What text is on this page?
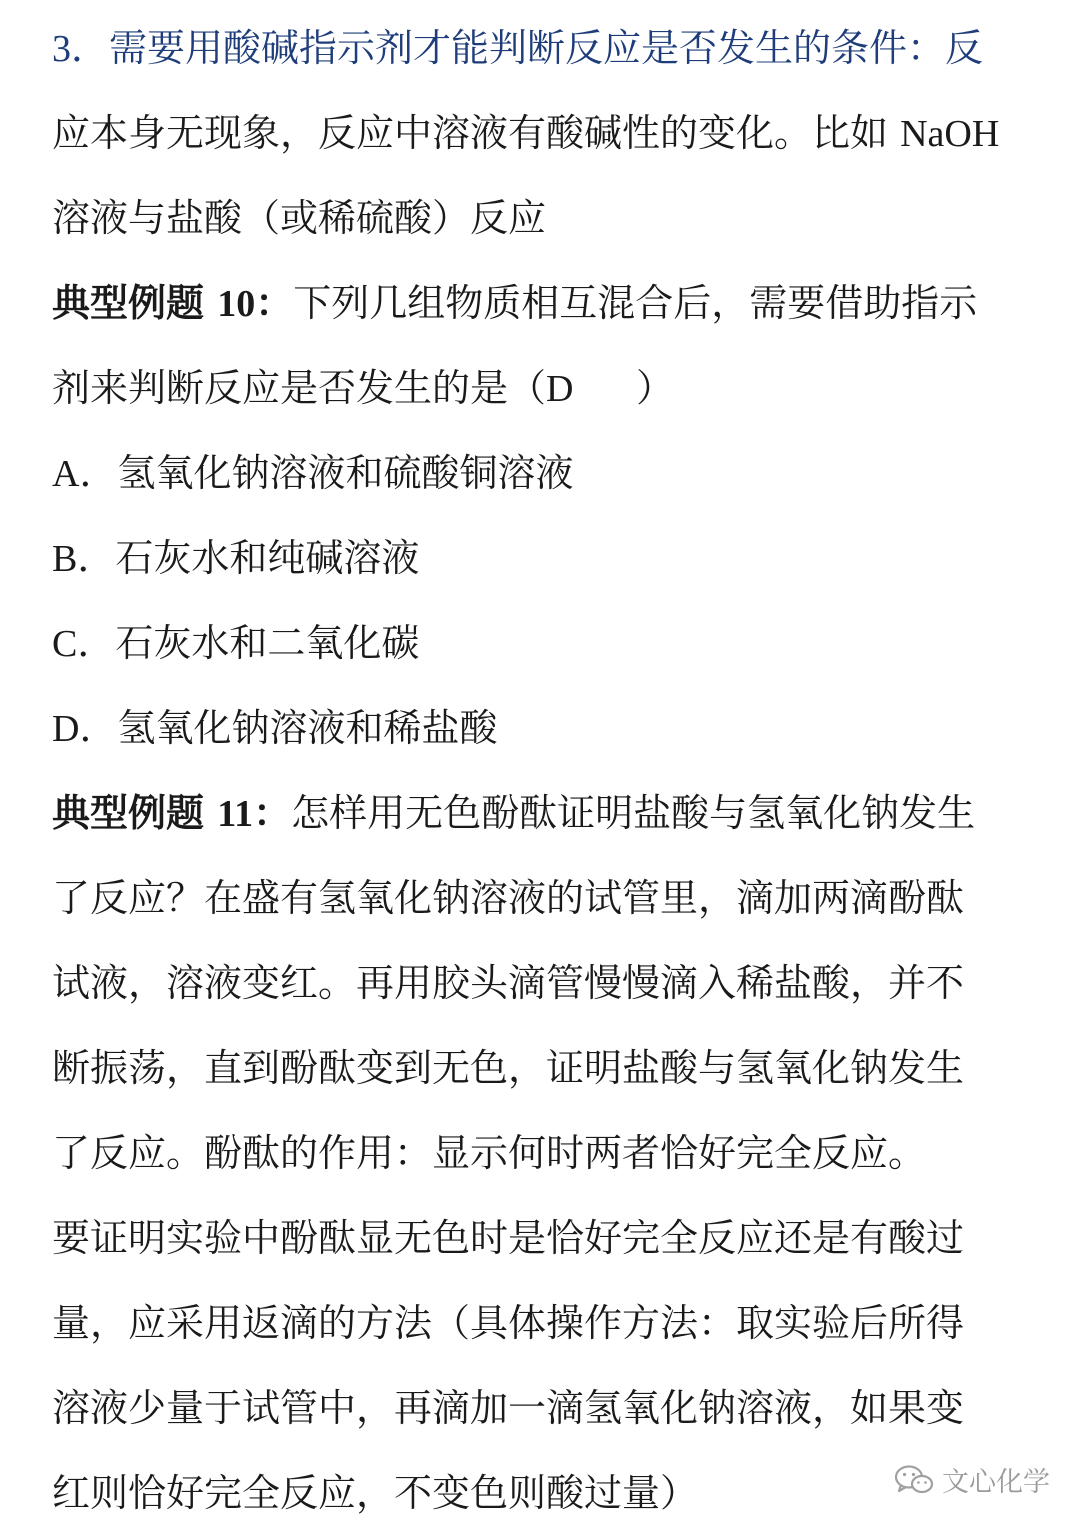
3．需要用酸碱指示剂才能判断反应是否发生的条件：反
应本身无现象，反应中溶液有酸碱性的变化。比如 NaOH
溶液与盐酸（或稀硫酸）反应
典型例题 10：下列几组物质相互混合后，需要借助指示
剂来判断反应是否发生的是（D ）
A．氢氧化钠溶液和硫酸铜溶液
B．石灰水和纯碱溶液
C．石灰水和二氧化碳
D．氢氧化钠溶液和稀盐酸
典型例题 11：怎样用无色酚酞证明盐酸与氢氧化钠发生
了反应？在盛有氢氧化钠溶液的试管里，滴加两滴酚酞
试液，溶液变红。再用胶头滴管慢慢滴入稀盐酸，并不
断振荡，直到酚酞变到无色，证明盐酸与氢氧化钠发生
了反应。酚酞的作用：显示何时两者恰好完全反应。
要证明实验中酚酞显无色时是恰好完全反应还是有酸过
量，应采用返滴的方法（具体操作方法：取实验后所得
溶液少量于试管中，再滴加一滴氢氧化钠溶液，如果变
红则恰好完全反应，不变色则酸过量）	文心化学
